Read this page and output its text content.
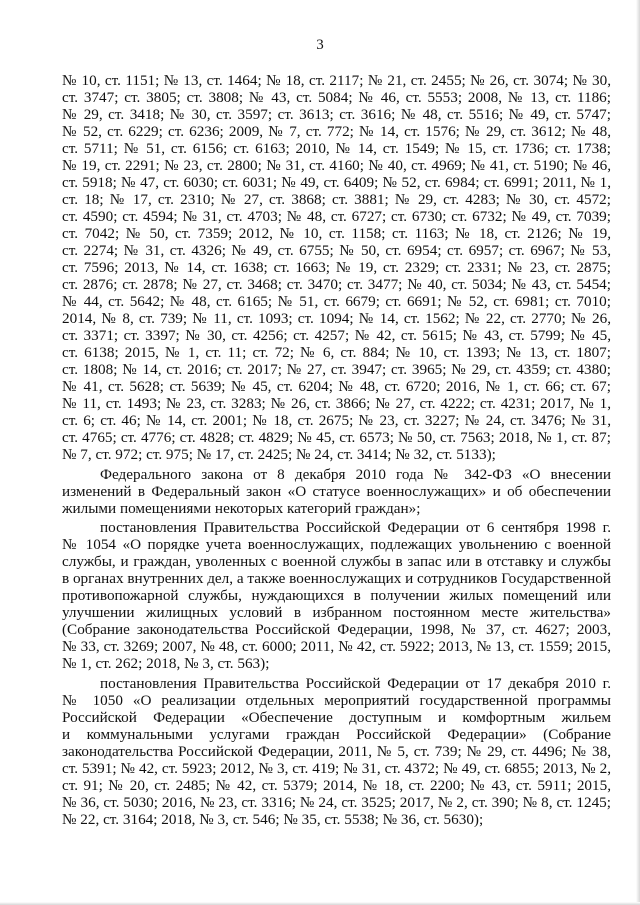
3
№ 10, ст. 1151; № 13, ст. 1464; № 18, ст. 2117; № 21, ст. 2455; № 26, ст. 3074; № 30,
ст. 3747; ст. 3805; ст. 3808; № 43, ст. 5084; № 46, ст. 5553; 2008, № 13, ст. 1186;
№ 29, ст. 3418; № 30, ст. 3597; ст. 3613; ст. 3616; № 48, ст. 5516; № 49, ст. 5747;
№ 52, ст. 6229; ст. 6236; 2009, № 7, ст. 772; № 14, ст. 1576; № 29, ст. 3612; № 48,
ст. 5711; № 51, ст. 6156; ст. 6163; 2010, № 14, ст. 1549; № 15, ст. 1736; ст. 1738;
№ 19, ст. 2291; № 23, ст. 2800; № 31, ст. 4160; № 40, ст. 4969; № 41, ст. 5190; № 46,
ст. 5918; № 47, ст. 6030; ст. 6031; № 49, ст. 6409; № 52, ст. 6984; ст. 6991; 2011, № 1,
ст. 18; № 17, ст. 2310; № 27, ст. 3868; ст. 3881; № 29, ст. 4283; № 30, ст. 4572;
ст. 4590; ст. 4594; № 31, ст. 4703; № 48, ст. 6727; ст. 6730; ст. 6732; № 49, ст. 7039;
ст. 7042; № 50, ст. 7359; 2012, № 10, ст. 1158; ст. 1163; № 18, ст. 2126; № 19,
ст. 2274; № 31, ст. 4326; № 49, ст. 6755; № 50, ст. 6954; ст. 6957; ст. 6967; № 53,
ст. 7596; 2013, № 14, ст. 1638; ст. 1663; № 19, ст. 2329; ст. 2331; № 23, ст. 2875;
ст. 2876; ст. 2878; № 27, ст. 3468; ст. 3470; ст. 3477; № 40, ст. 5034; № 43, ст. 5454;
№ 44, ст. 5642; № 48, ст. 6165; № 51, ст. 6679; ст. 6691; № 52, ст. 6981; ст. 7010;
2014, № 8, ст. 739; № 11, ст. 1093; ст. 1094; № 14, ст. 1562; № 22, ст. 2770; № 26,
ст. 3371; ст. 3397; № 30, ст. 4256; ст. 4257; № 42, ст. 5615; № 43, ст. 5799; № 45,
ст. 6138; 2015, № 1, ст. 11; ст. 72; № 6, ст. 884; № 10, ст. 1393; № 13, ст. 1807;
ст. 1808; № 14, ст. 2016; ст. 2017; № 27, ст. 3947; ст. 3965; № 29, ст. 4359; ст. 4380;
№ 41, ст. 5628; ст. 5639; № 45, ст. 6204; № 48, ст. 6720; 2016, № 1, ст. 66; ст. 67;
№ 11, ст. 1493; № 23, ст. 3283; № 26, ст. 3866; № 27, ст. 4222; ст. 4231; 2017, № 1,
ст. 6; ст. 46; № 14, ст. 2001; № 18, ст. 2675; № 23, ст. 3227; № 24, ст. 3476; № 31,
ст. 4765; ст. 4776; ст. 4828; ст. 4829; № 45, ст. 6573; № 50, ст. 7563; 2018, № 1, ст. 87;
№ 7, ст. 972; ст. 975; № 17, ст. 2425; № 24, ст. 3414; № 32, ст. 5133);
Федерального закона от 8 декабря 2010 года № 342-ФЗ «О внесении
изменений в Федеральный закон «О статусе военнослужащих» и об обеспечении
жилыми помещениями некоторых категорий граждан»;
постановления Правительства Российской Федерации от 6 сентября 1998 г.
№ 1054 «О порядке учета военнослужащих, подлежащих увольнению с военной
службы, и граждан, уволенных с военной службы в запас или в отставку и службы
в органах внутренних дел, а также военнослужащих и сотрудников Государственной
противопожарной службы, нуждающихся в получении жилых помещений или
улучшении жилищных условий в избранном постоянном месте жительства»
(Собрание законодательства Российской Федерации, 1998, № 37, ст. 4627; 2003,
№ 33, ст. 3269; 2007, № 48, ст. 6000; 2011, № 42, ст. 5922; 2013, № 13, ст. 1559; 2015,
№ 1, ст. 262; 2018, № 3, ст. 563);
постановления Правительства Российской Федерации от 17 декабря 2010 г.
№ 1050 «О реализации отдельных мероприятий государственной программы
Российской Федерации «Обеспечение доступным и комфортным жильем
и коммунальными услугами граждан Российской Федерации» (Собрание
законодательства Российской Федерации, 2011, № 5, ст. 739; № 29, ст. 4496; № 38,
ст. 5391; № 42, ст. 5923; 2012, № 3, ст. 419; № 31, ст. 4372; № 49, ст. 6855; 2013, № 2,
ст. 91; № 20, ст. 2485; № 42, ст. 5379; 2014, № 18, ст. 2200; № 43, ст. 5911; 2015,
№ 36, ст. 5030; 2016, № 23, ст. 3316; № 24, ст. 3525; 2017, № 2, ст. 390; № 8, ст. 1245;
№ 22, ст. 3164; 2018, № 3, ст. 546; № 35, ст. 5538; № 36, ст. 5630);
